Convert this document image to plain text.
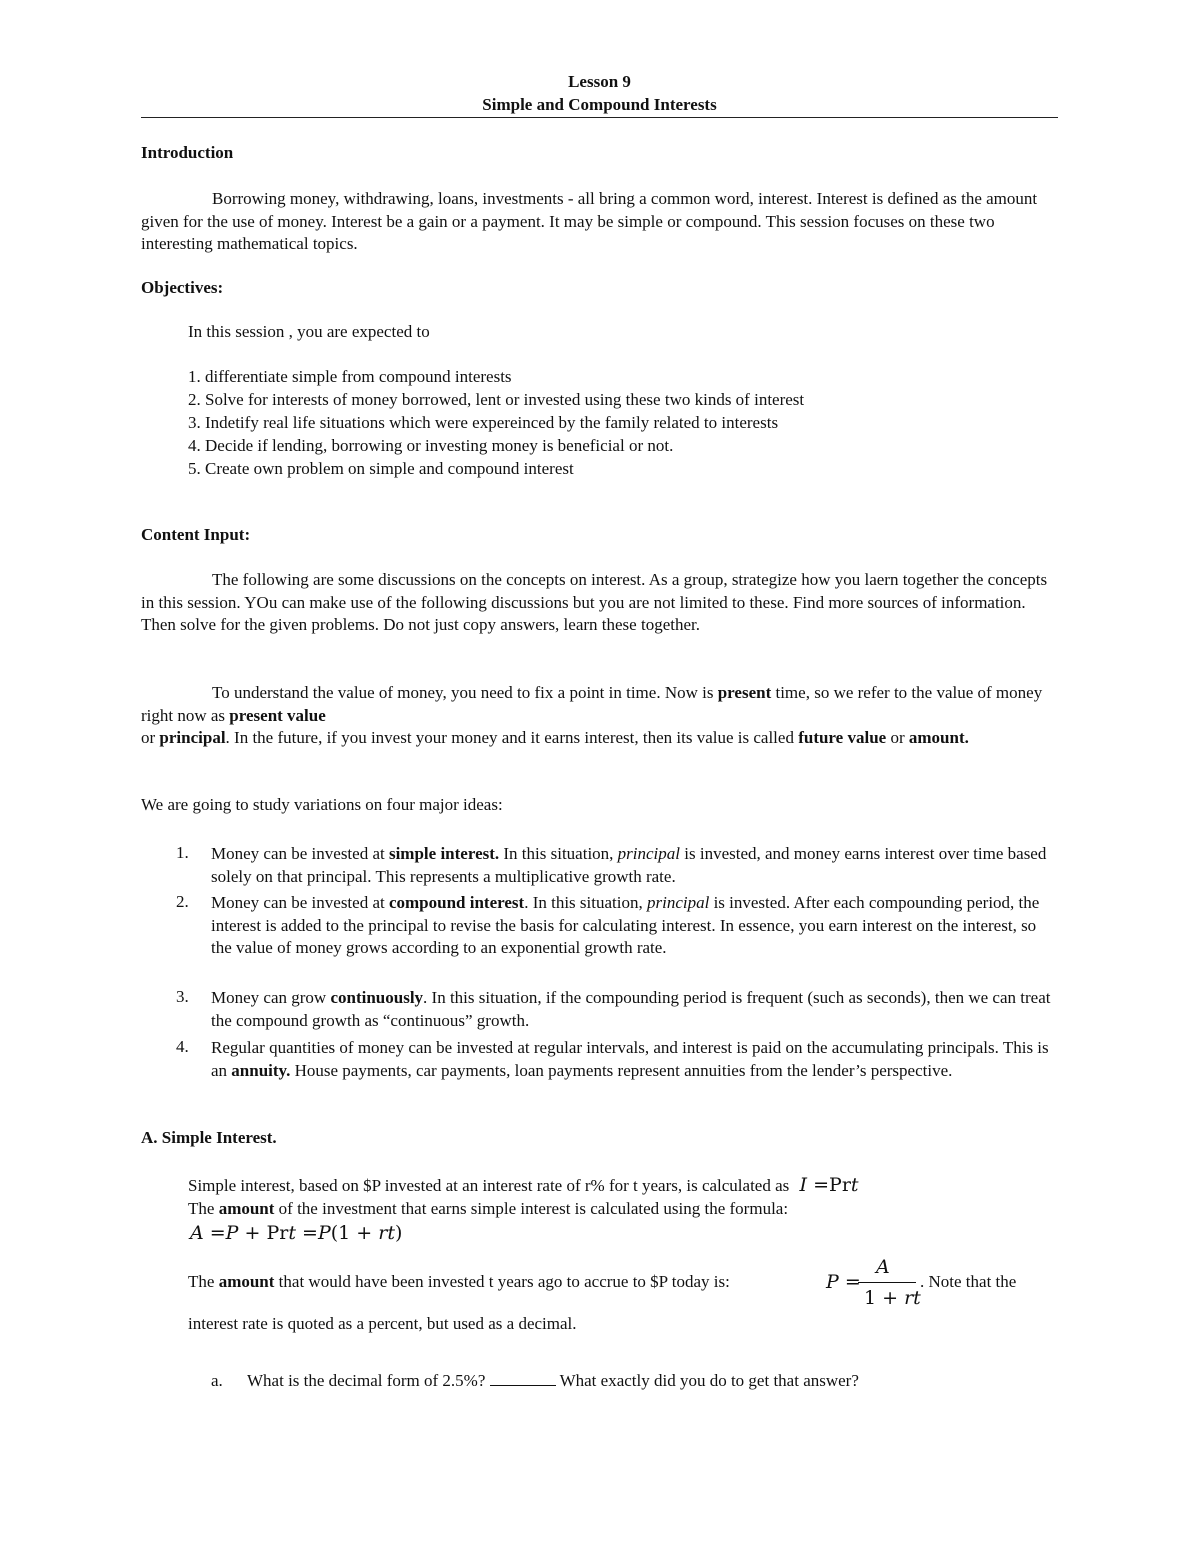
Lesson 9
Simple and Compound Interests
Introduction

Borrowing money, withdrawing, loans, investments - all bring a common word, interest. Interest is defined as the amount given for the use of money. Interest be a gain or a payment. It may be simple or compound. This session focuses on these two interesting mathematical topics.

Objectives:
In this session , you are expected to
1. differentiate simple from compound interests
2. Solve for interests of money borrowed, lent or invested using these two kinds of interest
3. Indetify real life situations which were expereinced by the family related to interests
4. Decide if lending, borrowing or investing money is beneficial or not.
5. Create own problem on simple and compound interest
Content Input:

The following are some discussions on the concepts on interest. As a group, strategize how you laern together the concepts in this session. YOu can make use of the following discussions but you are not limited to these. Find more sources of information. Then solve for the given problems. Do not just copy answers, learn these together.

To understand the value of money, you need to fix a point in time. Now is present time, so we refer to the value of money right now as present value

or principal. In the future, if you invest your money and it earns interest, then its value is called future value or amount.

We are going to study variations on four major ideas:
1. Money can be invested at simple interest. In this situation, principal is invested, and money earns interest over time based solely on that principal. This represents a multiplicative growth rate.
2. Money can be invested at compound interest. In this situation, principal is invested. After each compounding period, the interest is added to the principal to revise the basis for calculating interest. In essence, you earn interest on the interest, so the value of money grows according to an exponential growth rate.
3. Money can grow continuously. In this situation, if the compounding period is frequent (such as seconds), then we can treat the compound growth as “continuous” growth.
4. Regular quantities of money can be invested at regular intervals, and interest is paid on the accumulating principals. This is an annuity. House payments, car payments, loan payments represent annuities from the lender’s perspective.
A. Simple Interest.
Simple interest, based on $P invested at an interest rate of r% for t years, is calculated as  I =Prt
The amount of the investment that earns simple interest is calculated using the formula:
A =P + Prt =P(1 + rt)
The amount that would have been invested t years ago to accrue to $P today is:	P =
A
1 + rt
. Note that the
interest rate is quoted as a percent, but used as a decimal.
a. What is the decimal form of 2.5%?	What exactly did you do to get that answer?
